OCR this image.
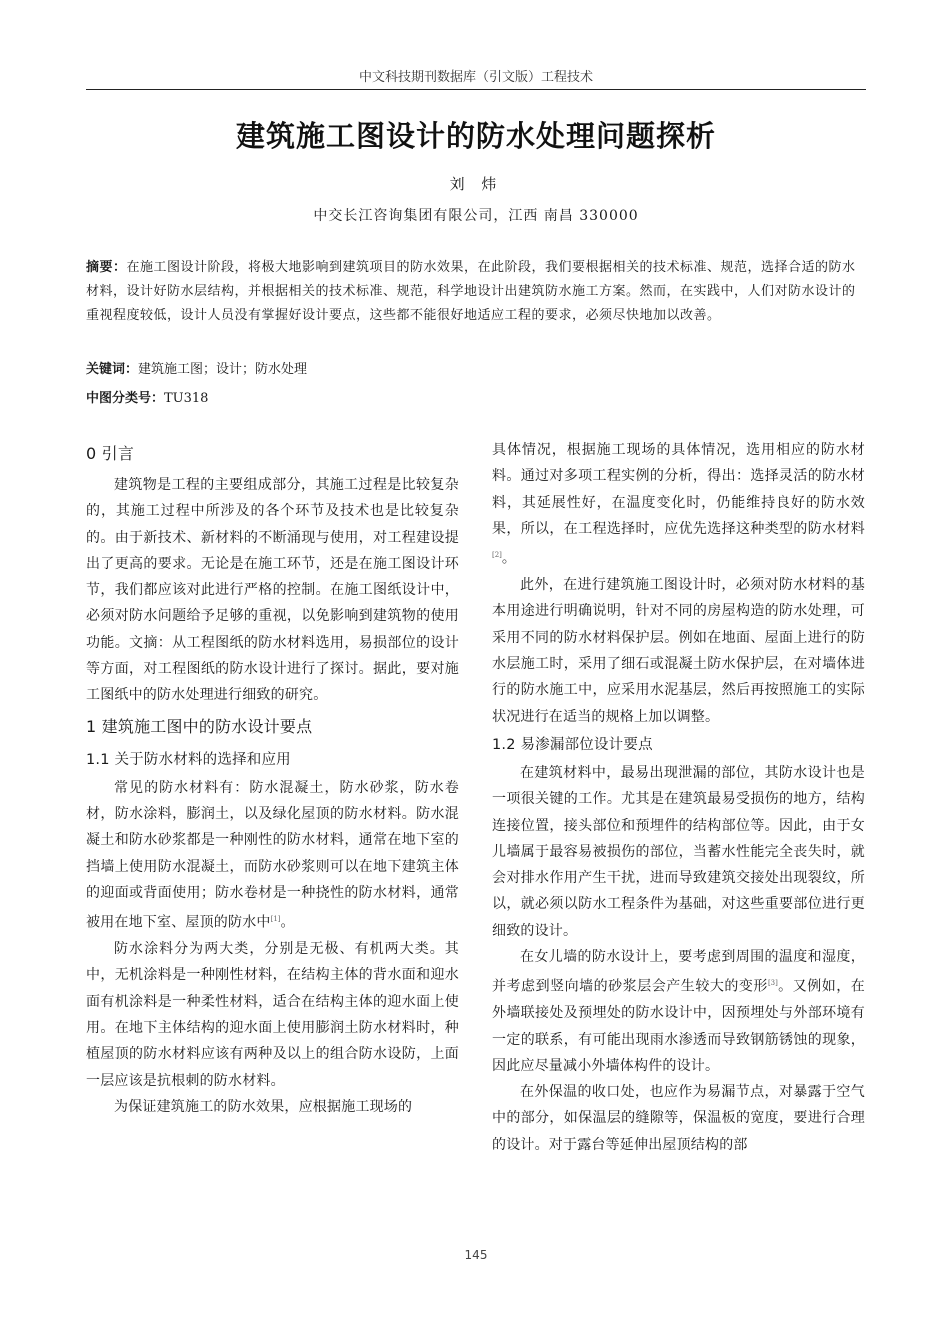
中文科技期刊数据库（引文版）工程技术
建筑施工图设计的防水处理问题探析
刘 炜
中交长江咨询集团有限公司，江西 南昌 330000
摘要：在施工图设计阶段，将极大地影响到建筑项目的防水效果，在此阶段，我们要根据相关的技术标准、规范，选择合适的防水材料，设计好防水层结构，并根据相关的技术标准、规范，科学地设计出建筑防水施工方案。然而，在实践中，人们对防水设计的重视程度较低，设计人员没有掌握好设计要点，这些都不能很好地适应工程的要求，必须尽快地加以改善。
关键词：建筑施工图；设计；防水处理
中图分类号：TU318

0 引言

建筑物是工程的主要组成部分，其施工过程是比较复杂的，其施工过程中所涉及的各个环节及技术也是比较复杂的。由于新技术、新材料的不断涌现与使用，对工程建设提出了更高的要求。无论是在施工环节，还是在施工图设计环节，我们都应该对此进行严格的控制。在施工图纸设计中，必须对防水问题给予足够的重视，以免影响到建筑物的使用功能。文摘：从工程图纸的防水材料选用，易损部位的设计等方面，对工程图纸的防水设计进行了探讨。据此，要对施工图纸中的防水处理进行细致的研究。

1 建筑施工图中的防水设计要点

1.1 关于防水材料的选择和应用

常见的防水材料有：防水混凝土，防水砂浆，防水卷材，防水涂料，膨润土，以及绿化屋顶的防水材料。防水混凝土和防水砂浆都是一种刚性的防水材料，通常在地下室的挡墙上使用防水混凝土，而防水砂浆则可以在地下建筑主体的迎面或背面使用；防水卷材是一种挠性的防水材料，通常被用在地下室、屋顶的防水中[1]。

防水涂料分为两大类，分别是无极、有机两大类。其中，无机涂料是一种刚性材料，在结构主体的背水面和迎水面有机涂料是一种柔性材料，适合在结构主体的迎水面上使用。在地下主体结构的迎水面上使用膨润土防水材料时，种植屋顶的防水材料应该有两种及以上的组合防水设防，上面一层应该是抗根刺的防水材料。

为保证建筑施工的防水效果，应根据施工现场的

具体情况，根据施工现场的具体情况，选用相应的防水材料。通过对多项工程实例的分析，得出：选择灵活的防水材料，其延展性好，在温度变化时，仍能维持良好的防水效果，所以，在工程选择时，应优先选择这种类型的防水材料[2]。

此外，在进行建筑施工图设计时，必须对防水材料的基本用途进行明确说明，针对不同的房屋构造的防水处理，可采用不同的防水材料保护层。例如在地面、屋面上进行的防水层施工时，采用了细石或混凝土防水保护层，在对墙体进行的防水施工中，应采用水泥基层，然后再按照施工的实际状况进行在适当的规格上加以调整。

1.2 易渗漏部位设计要点

在建筑材料中，最易出现泄漏的部位，其防水设计也是一项很关键的工作。尤其是在建筑最易受损伤的地方，结构连接位置，接头部位和预埋件的结构部位等。因此，由于女儿墙属于最容易被损伤的部位，当蓄水性能完全丧失时，就会对排水作用产生干扰，进而导致建筑交接处出现裂纹，所以，就必须以防水工程条件为基础，对这些重要部位进行更细致的设计。

在女儿墙的防水设计上，要考虑到周围的温度和湿度，并考虑到竖向墙的砂浆层会产生较大的变形[3]。又例如，在外墙联接处及预埋处的防水设计中，因预埋处与外部环境有一定的联系，有可能出现雨水渗透而导致钢筋锈蚀的现象，因此应尽量减小外墙体构件的设计。

在外保温的收口处，也应作为易漏节点，对暴露于空气中的部分，如保温层的缝隙等，保温板的宽度，要进行合理的设计。对于露台等延伸出屋顶结构的部

145
